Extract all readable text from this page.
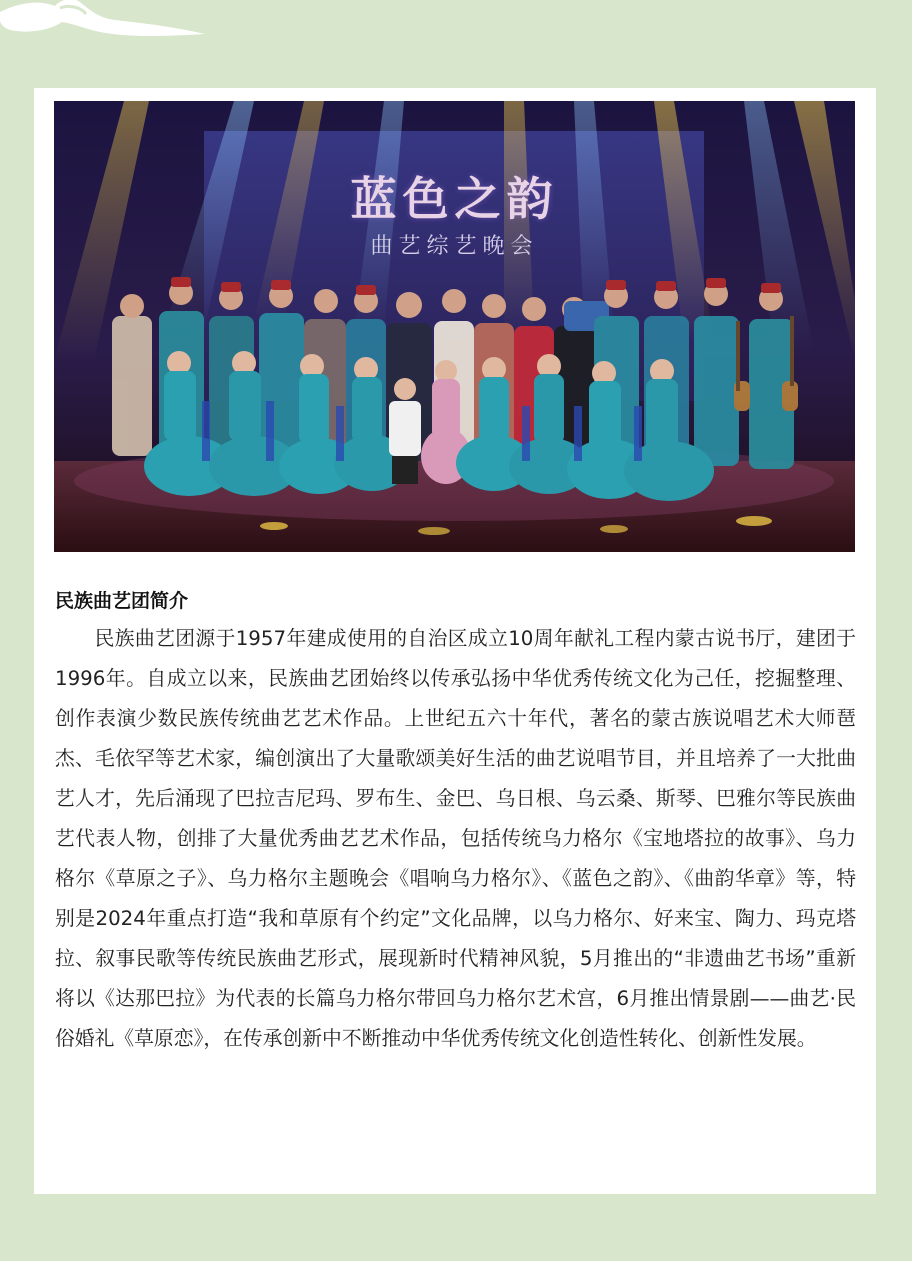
蓝色之韵
曲艺综艺晚会
民族曲艺团简介

民族曲艺团源于1957年建成使用的自治区成立10周年献礼工程内蒙古说书厅，建团于1996年。自成立以来，民族曲艺团始终以传承弘扬中华优秀传统文化为己任，挖掘整理、创作表演少数民族传统曲艺艺术作品。上世纪五六十年代，著名的蒙古族说唱艺术大师琶杰、毛依罕等艺术家，编创演出了大量歌颂美好生活的曲艺说唱节目，并且培养了一大批曲艺人才，先后涌现了巴拉吉尼玛、罗布生、金巴、乌日根、乌云桑、斯琴、巴雅尔等民族曲艺代表人物，创排了大量优秀曲艺艺术作品，包括传统乌力格尔《宝地塔拉的故事》、乌力格尔《草原之子》、乌力格尔主题晚会《唱响乌力格尔》、《蓝色之韵》、《曲韵华章》等，特别是2024年重点打造“我和草原有个约定”文化品牌，以乌力格尔、好来宝、陶力、玛克塔拉、叙事民歌等传统民族曲艺形式，展现新时代精神风貌，5月推出的“非遗曲艺书场”重新将以《达那巴拉》为代表的长篇乌力格尔带回乌力格尔艺术宫，6月推出情景剧——曲艺·民俗婚礼《草原恋》，在传承创新中不断推动中华优秀传统文化创造性转化、创新性发展。
